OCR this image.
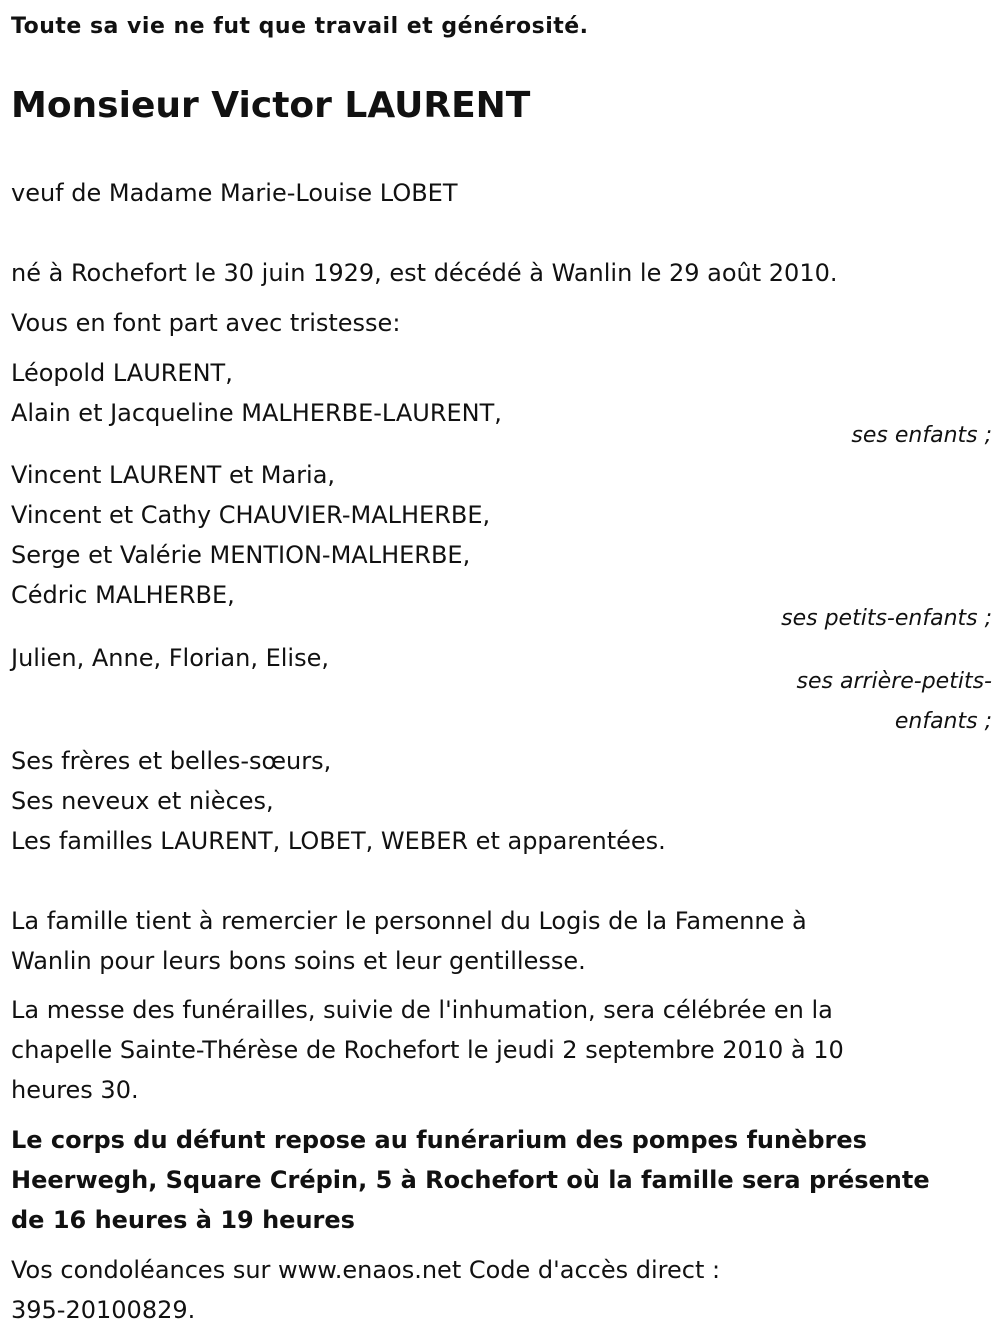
Toute sa vie ne fut que travail et générosité.
Monsieur Victor LAURENT
veuf de Madame Marie-Louise LOBET
né à Rochefort le 30 juin 1929, est décédé à Wanlin le 29 août 2010.
Vous en font part avec tristesse:
Léopold LAURENT,
Alain et Jacqueline MALHERBE-LAURENT,
ses enfants ;
Vincent LAURENT et Maria,
Vincent et Cathy CHAUVIER-MALHERBE,
Serge et Valérie MENTION-MALHERBE,
Cédric MALHERBE,
ses petits-enfants ;
Julien, Anne, Florian, Elise,
ses arrière-petits-
enfants ;
Ses frères et belles-sœurs,
Ses neveux et nièces,
Les familles LAURENT, LOBET, WEBER et apparentées.
La famille tient à remercier le personnel du Logis de la Famenne à
Wanlin pour leurs bons soins et leur gentillesse.
La messe des funérailles, suivie de l'inhumation, sera célébrée en la
chapelle Sainte-Thérèse de Rochefort le jeudi 2 septembre 2010 à 10
heures 30.
Le corps du défunt repose au funérarium des pompes funèbres
Heerwegh, Square Crépin, 5 à Rochefort où la famille sera présente
de 16 heures à 19 heures
Vos condoléances sur www.enaos.net Code d'accès direct :
395-20100829.
